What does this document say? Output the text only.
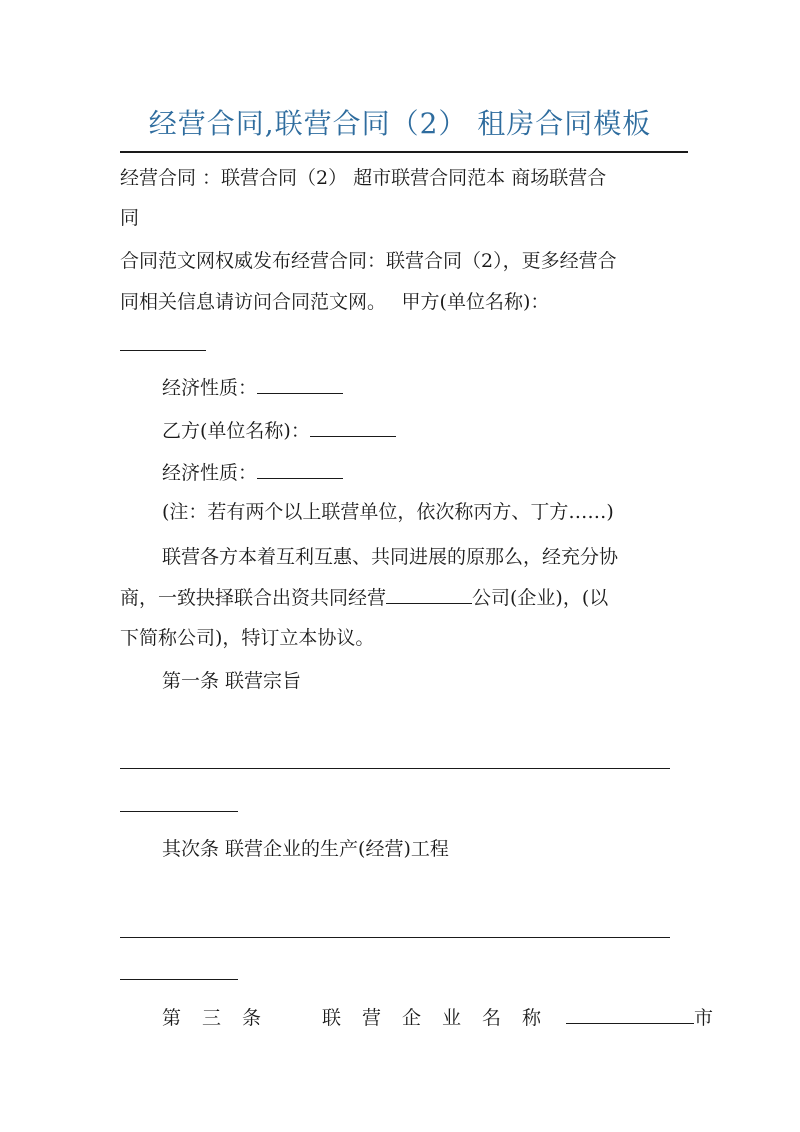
经营合同,联营合同（2） 租房合同模板
经营合同 ：联营合同（2） 超市联营合同范本 商场联营合
同
合同范文网权威发布经营合同：联营合同（2），更多经营合
同相关信息请访问合同范文网。　 甲方(单位名称)：
经济性质：
乙方(单位名称)：
经济性质：
(注：若有两个以上联营单位，依次称丙方、丁方……)
联营各方本着互利互惠、共同进展的原那么，经充分协
商，一致抉择联合出资共同经营	公司(企业)，(以
下简称公司)，特订立本协议。
第一条 联营宗旨
其次条 联营企业的生产(经营)工程
第三条　联营企业名称	市
